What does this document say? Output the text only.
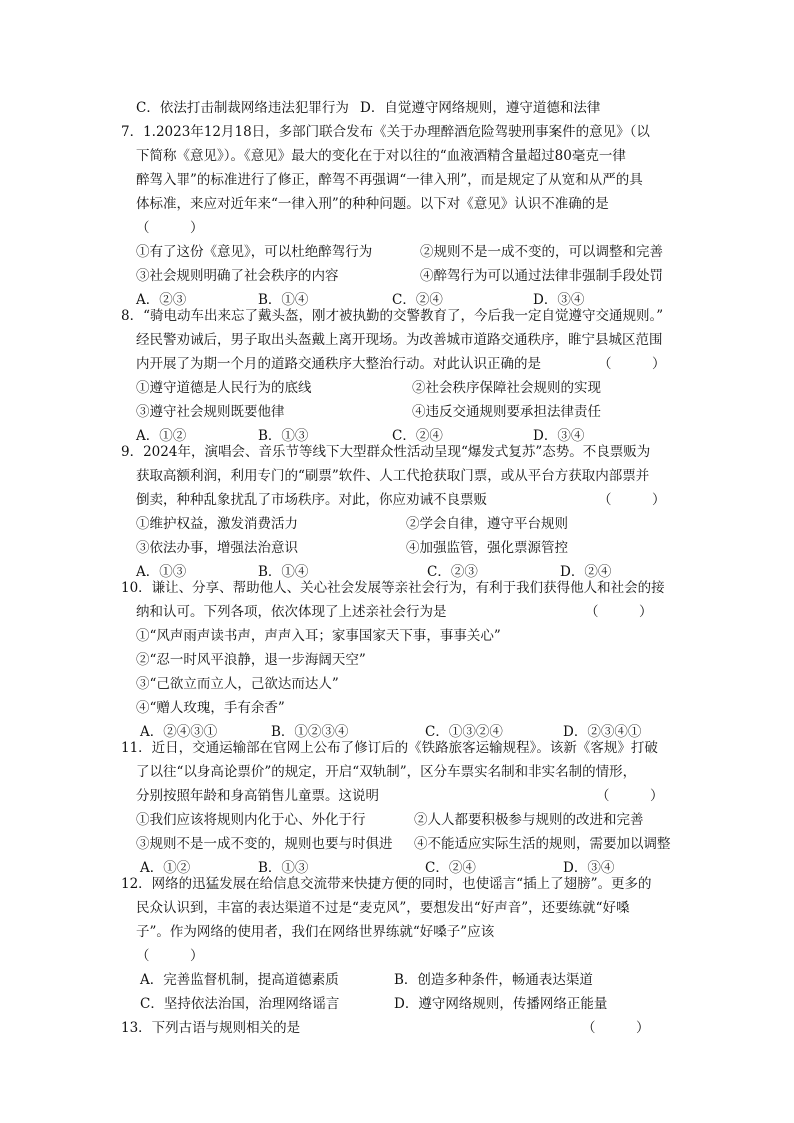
C．依法打击制裁网络违法犯罪行为 D．自觉遵守网络规则，遵守道德和法律
7．1.2023年12月18日，多部门联合发布《关于办理醉酒危险驾驶刑事案件的意见》（以
下简称《意见》）。《意见》最大的变化在于对以往的“血液酒精含量超过80毫克一律
醉驾入罪”的标准进行了修正，醉驾不再强调“一律入刑”，而是规定了从宽和从严的具
体标准，来应对近年来“一律入刑”的种种问题。以下对《意见》认识不准确的是
（　　　）
①有了这份《意见》，可以杜绝醉驾行为	②规则不是一成不变的，可以调整和完善
③社会规则明确了社会秩序的内容	④醉驾行为可以通过法律非强制手段处罚
A．②③	B．①④	C．②④	D．③④
8．“骑电动车出来忘了戴头盔，刚才被执勤的交警教育了，今后我一定自觉遵守交通规则。”
经民警劝诫后，男子取出头盔戴上离开现场。为改善城市道路交通秩序，睢宁县城区范围
内开展了为期一个月的道路交通秩序大整治行动。对此认识正确的是	（　　　）
①遵守道德是人民行为的底线	②社会秩序保障社会规则的实现
③遵守社会规则既要他律	④违反交通规则要承担法律责任
A．①②	B．①③	C．②④	D．③④
9．2024年，演唱会、音乐节等线下大型群众性活动呈现“爆发式复苏”态势。不良票贩为
获取高额利润，利用专门的“刷票”软件、人工代抢获取门票，或从平台方获取内部票并
倒卖，种种乱象扰乱了市场秩序。对此，你应劝诫不良票贩	（　　　）
①维护权益，激发消费活力	②学会自律，遵守平台规则
③依法办事，增强法治意识	④加强监管，强化票源管控
A．①③	B．①④	C．②③	D．②④
10．谦让、分享、帮助他人、关心社会发展等亲社会行为，有利于我们获得他人和社会的接
纳和认可。下列各项，依次体现了上述亲社会行为是	（　　　）
①“风声雨声读书声，声声入耳；家事国家天下事，事事关心”
②“忍一时风平浪静，退一步海阔天空”
③“己欲立而立人，己欲达而达人”
④“赠人玫瑰，手有余香”
A．②④③①	B．①②③④	C．①③②④	D．②③④①
11．近日，交通运输部在官网上公布了修订后的《铁路旅客运输规程》。该新《客规》打破
了以往“以身高论票价”的规定，开启“双轨制”，区分车票实名制和非实名制的情形，
分别按照年龄和身高销售儿童票。这说明	（　　　）
①我们应该将规则内化于心、外化于行	②人人都要积极参与规则的改进和完善
③规则不是一成不变的，规则也要与时俱进 ④不能适应实际生活的规则，需要加以调整
A．①②	B．①③	C．②④	D．③④
12．网络的迅猛发展在给信息交流带来快捷方便的同时，也使谣言“插上了翅膀”。更多的
民众认识到，丰富的表达渠道不过是“麦克风”，要想发出“好声音”，还要练就“好嗓
子”。作为网络的使用者，我们在网络世界练就“好嗓子”应该
（　　　）
A．完善监督机制，提高道德素质	B．创造多种条件，畅通表达渠道
C．坚持依法治国，治理网络谣言	D．遵守网络规则，传播网络正能量
13．下列古语与规则相关的是	（　　　）
